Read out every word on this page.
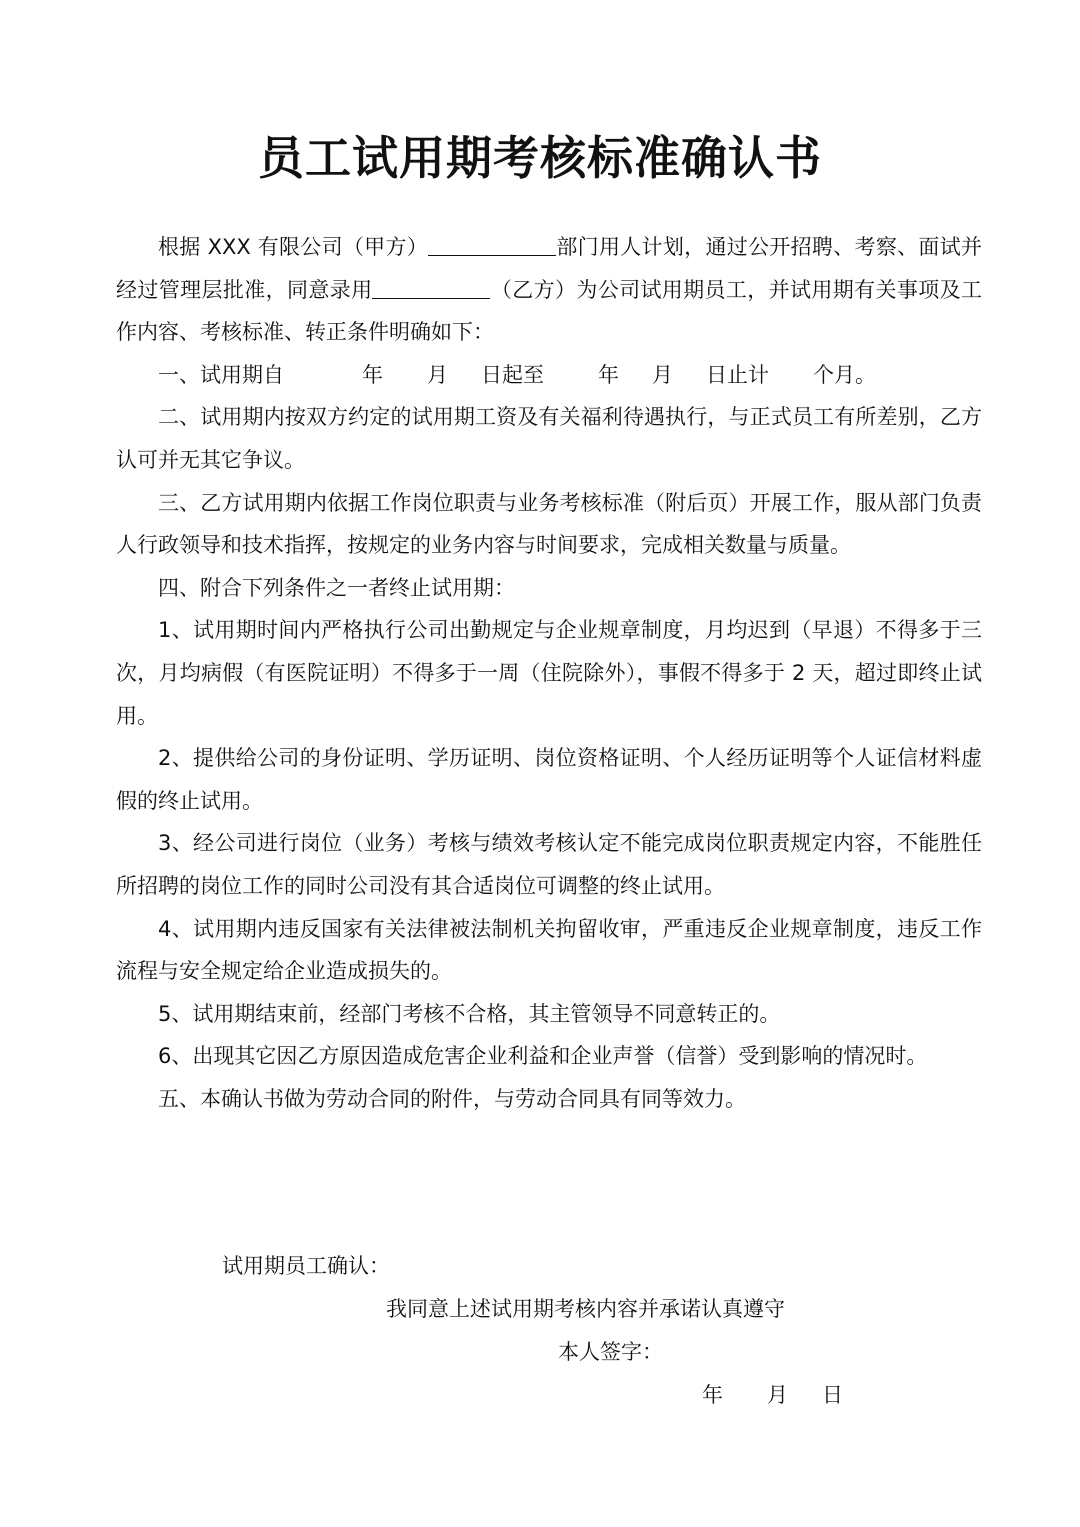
员工试用期考核标准确认书

根据 XXX 有限公司（甲方）	部门用人计划，通过公开招聘、考察、面试并经过管理层批准，同意录用	（乙方）为公司试用期员工，并试用期有关事项及工作内容、考核标准、转正条件明确如下：

一、试用期自	年 月 日起至	年 月 日止计 个月。

二、试用期内按双方约定的试用期工资及有关福利待遇执行，与正式员工有所差别，乙方认可并无其它争议。

三、乙方试用期内依据工作岗位职责与业务考核标准（附后页）开展工作，服从部门负责人行政领导和技术指挥，按规定的业务内容与时间要求，完成相关数量与质量。

四、附合下列条件之一者终止试用期：

1、试用期时间内严格执行公司出勤规定与企业规章制度，月均迟到（早退）不得多于三次，月均病假（有医院证明）不得多于一周（住院除外），事假不得多于 2 天，超过即终止试用。

2、提供给公司的身份证明、学历证明、岗位资格证明、个人经历证明等个人证信材料虚假的终止试用。

3、经公司进行岗位（业务）考核与绩效考核认定不能完成岗位职责规定内容，不能胜任所招聘的岗位工作的同时公司没有其合适岗位可调整的终止试用。

4、试用期内违反国家有关法律被法制机关拘留收审，严重违反企业规章制度，违反工作流程与安全规定给企业造成损失的。

5、试用期结束前，经部门考核不合格，其主管领导不同意转正的。

6、出现其它因乙方原因造成危害企业利益和企业声誉（信誉）受到影响的情况时。

五、本确认书做为劳动合同的附件，与劳动合同具有同等效力。

试用期员工确认：
我同意上述试用期考核内容并承诺认真遵守
本人签字：
年 月 日
